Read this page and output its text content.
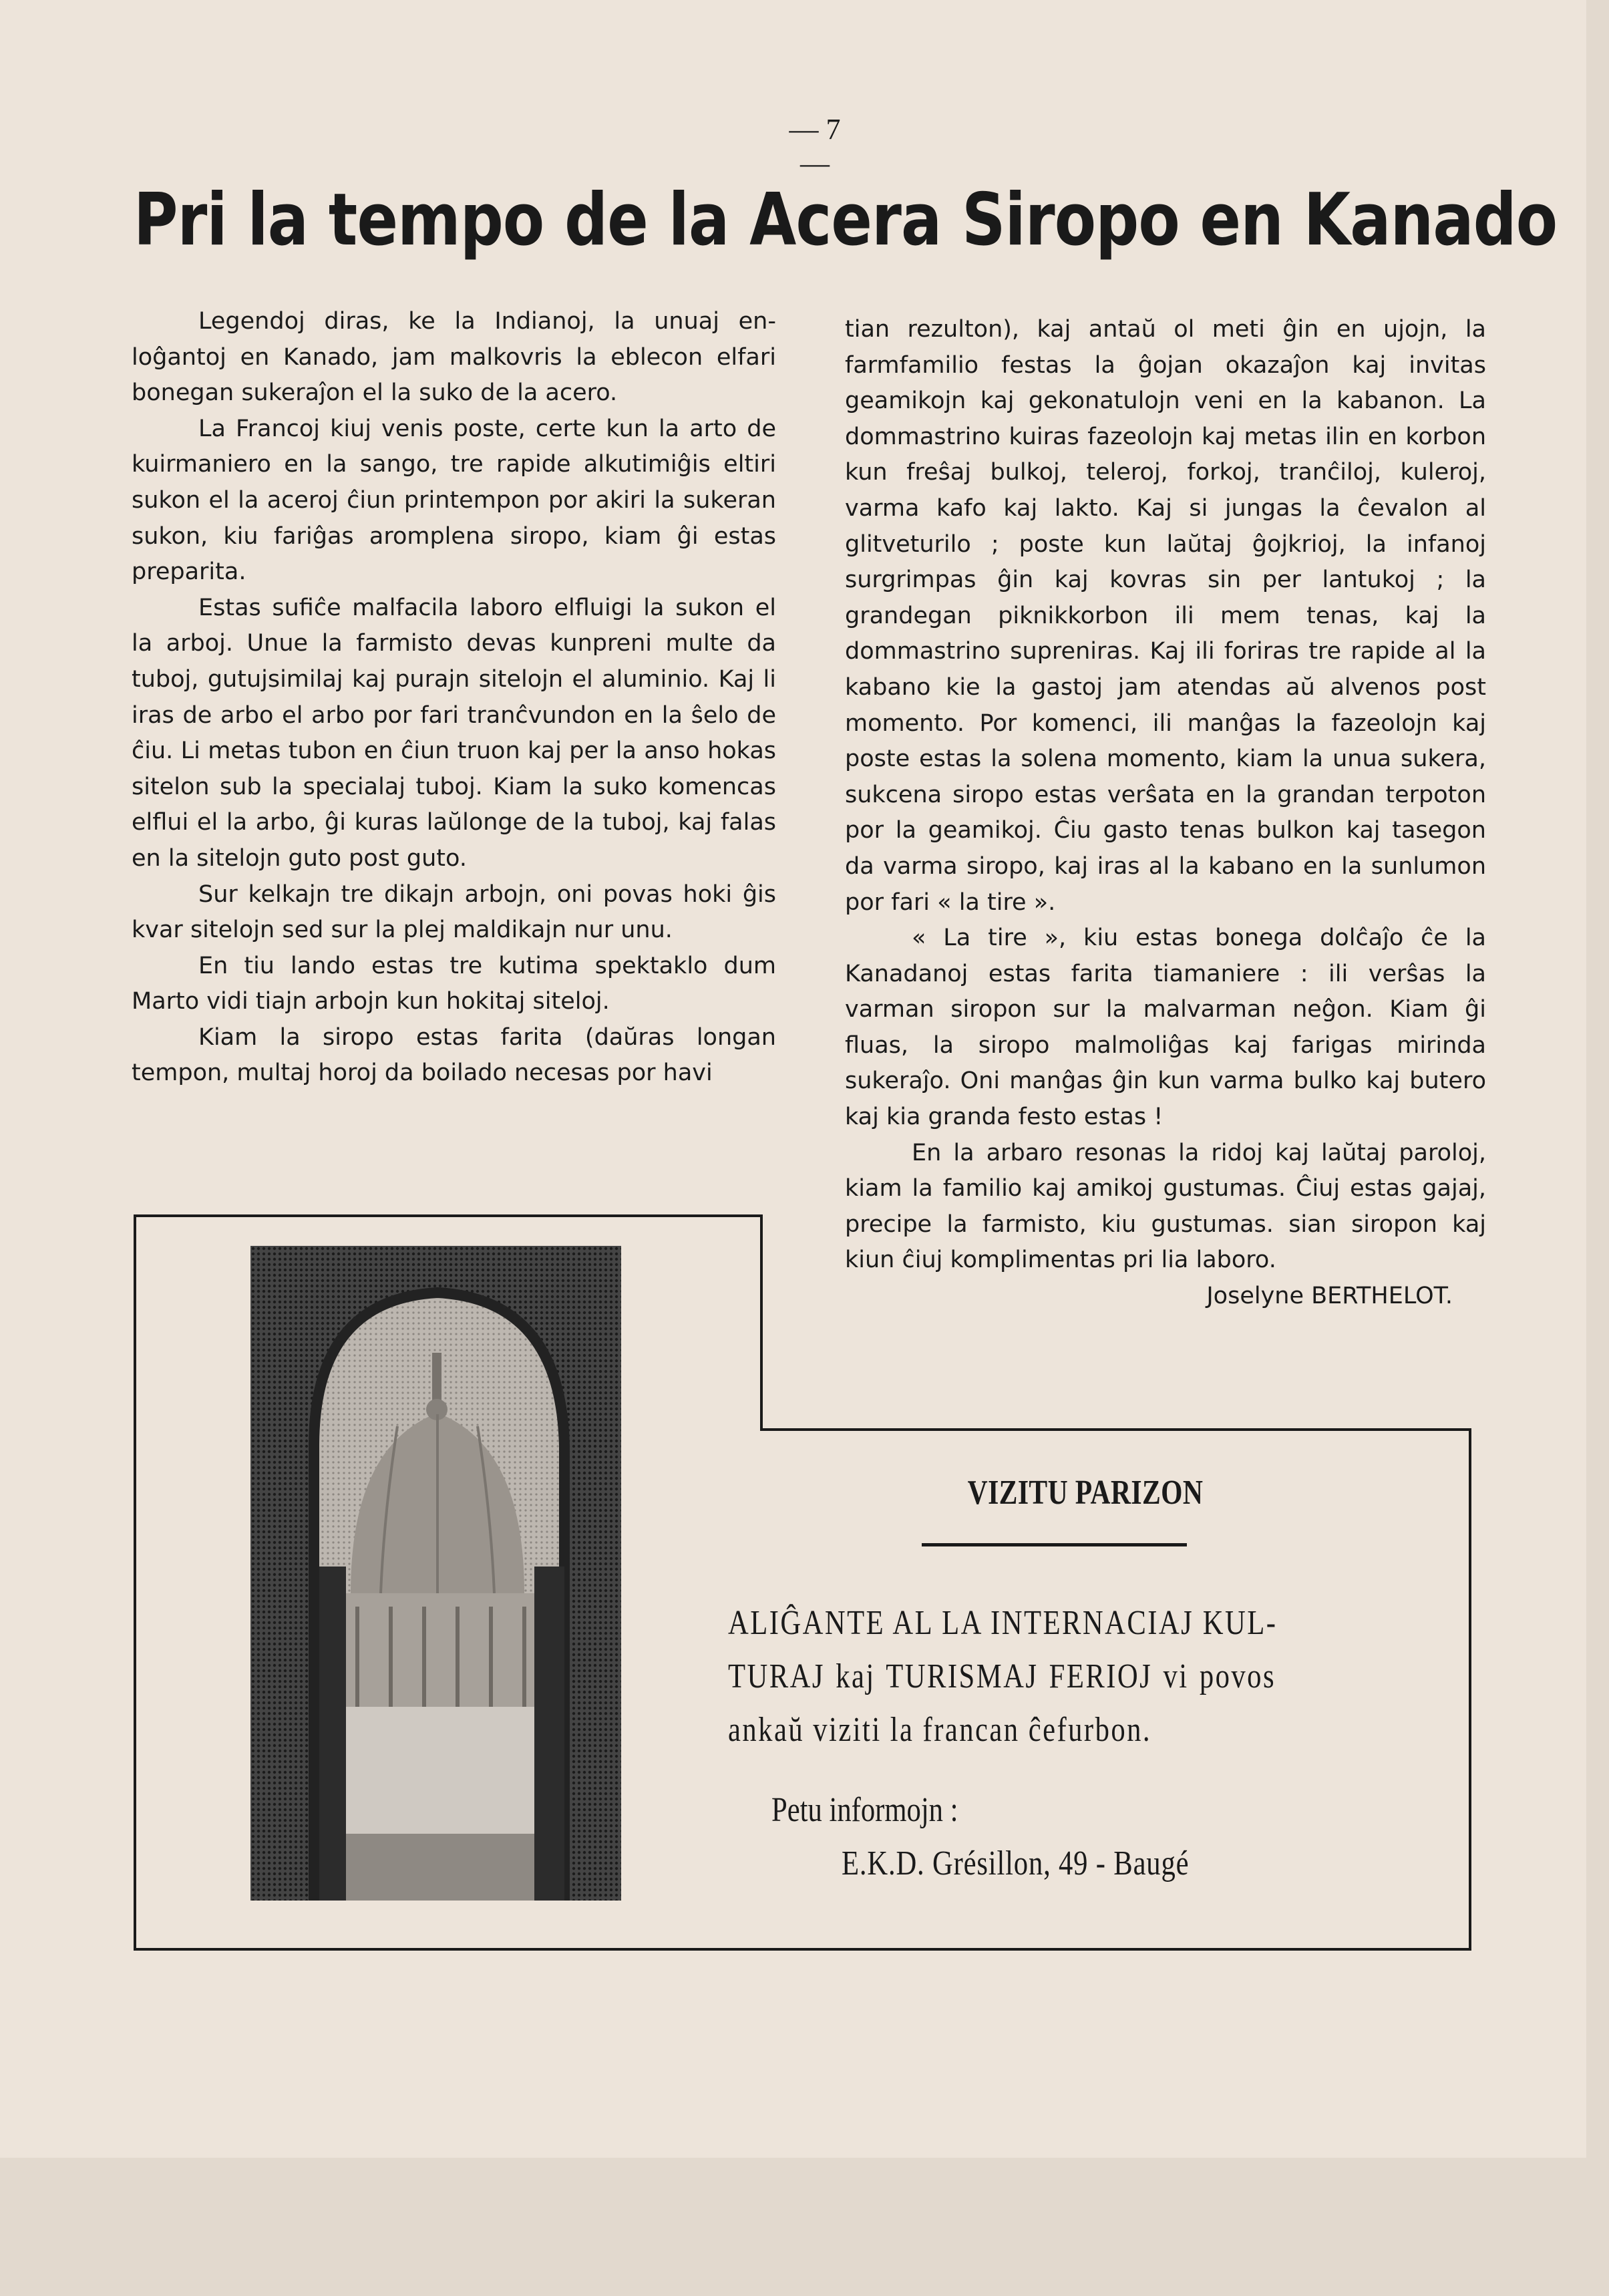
— 7 —
Pri la tempo de la Acera Siropo en Kanado

Legendoj diras, ke la Indianoj, la unuaj enloĝantoj en Kanado, jam malkovris la eblecon elfari bonegan sukeraĵon el la suko de la acero.

La Francoj kiuj venis poste, certe kun la arto de kuirmaniero en la sango, tre rapide alkutimiĝis eltiri sukon el la aceroj ĉiun printempon por akiri la sukeran sukon, kiu fariĝas aromplena siropo, kiam ĝi estas preparita.

Estas sufiĉe malfacila laboro elfluigi la sukon el la arboj. Unue la farmisto devas kunpreni multe da tuboj, gutujsimilaj kaj purajn sitelojn el aluminio. Kaj li iras de arbo el arbo por fari tranĉvundon en la ŝelo de ĉiu. Li metas tubon en ĉiun truon kaj per la anso hokas sitelon sub la specialaj tuboj. Kiam la suko komencas elflui el la arbo, ĝi kuras laŭlonge de la tuboj, kaj falas en la sitelojn guto post guto.

Sur kelkajn tre dikajn arbojn, oni povas hoki ĝis kvar sitelojn sed sur la plej maldikajn nur unu.

En tiu lando estas tre kutima spektaklo dum Marto vidi tiajn arbojn kun hokitaj siteloj.

Kiam la siropo estas farita (daŭras longan tempon, multaj horoj da boilado necesas por havi

tian rezulton), kaj antaŭ ol meti ĝin en ujojn, la farmfamilio festas la ĝojan okazaĵon kaj invitas geamikojn kaj gekonatulojn veni en la kabanon. La dommastrino kuiras fazeolojn kaj metas ilin en korbon kun freŝaj bulkoj, teleroj, forkoj, tranĉiloj, kuleroj, varma kafo kaj lakto. Kaj si jungas la ĉevalon al glitveturilo ; poste kun laŭtaj ĝojkrioj, la infanoj surgrimpas ĝin kaj kovras sin per lantukoj ; la grandegan piknikkorbon ili mem tenas, kaj la dommastrino supreniras. Kaj ili foriras tre rapide al la kabano kie la gastoj jam atendas aŭ alvenos post momento. Por komenci, ili manĝas la fazeolojn kaj poste estas la solena momento, kiam la unua sukera, sukcena siropo estas verŝata en la grandan terpoton por la geamikoj. Ĉiu gasto tenas bulkon kaj tasegon da varma siropo, kaj iras al la kabano en la sunlumon por fari « la tire ».

« La tire », kiu estas bonega dolĉaĵo ĉe la Kanadanoj estas farita tiamaniere : ili verŝas la varman siropon sur la malvarman neĝon. Kiam ĝi fluas, la siropo malmoliĝas kaj farigas mirinda sukeraĵo. Oni manĝas ĝin kun varma bulko kaj butero kaj kia granda festo estas !

En la arbaro resonas la ridoj kaj laŭtaj paroloj, kiam la familio kaj amikoj gustumas. Ĉiuj estas gajaj, precipe la farmisto, kiu gustumas. sian siropon kaj kiun ĉiuj komplimentas pri lia laboro.

Joselyne BERTHELOT.

VIZITU PARIZON

ALIĜANTE AL LA INTERNACIAJ KULTURAJ kaj TURISMAJ FERIOJ vi povos ankaŭ viziti la francan ĉefurbon.

Petu informojn :
E.K.D. Grésillon, 49 - Baugé
